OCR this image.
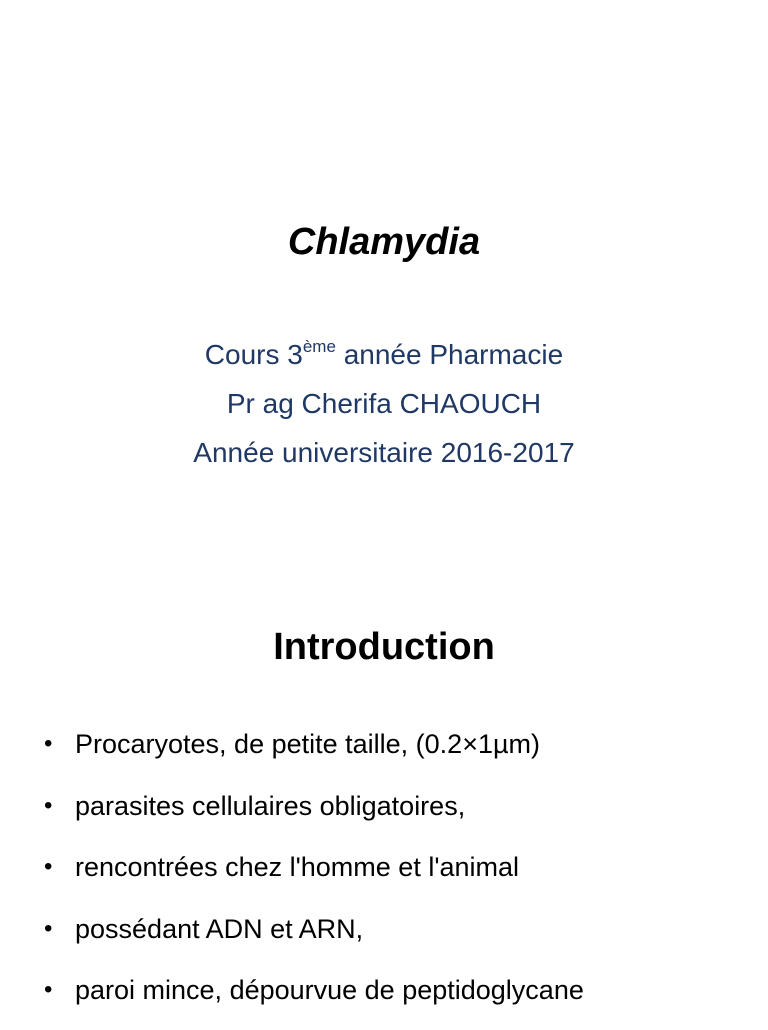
Chlamydia
Cours 3ème année Pharmacie
Pr ag Cherifa CHAOUCH
Année universitaire 2016-2017
Introduction
• Procaryotes, de petite taille, (0.2×1µm)
• parasites cellulaires obligatoires,
• rencontrées chez l'homme et l'animal
• possédant ADN et ARN,
• paroi mince, dépourvue de peptidoglycane
